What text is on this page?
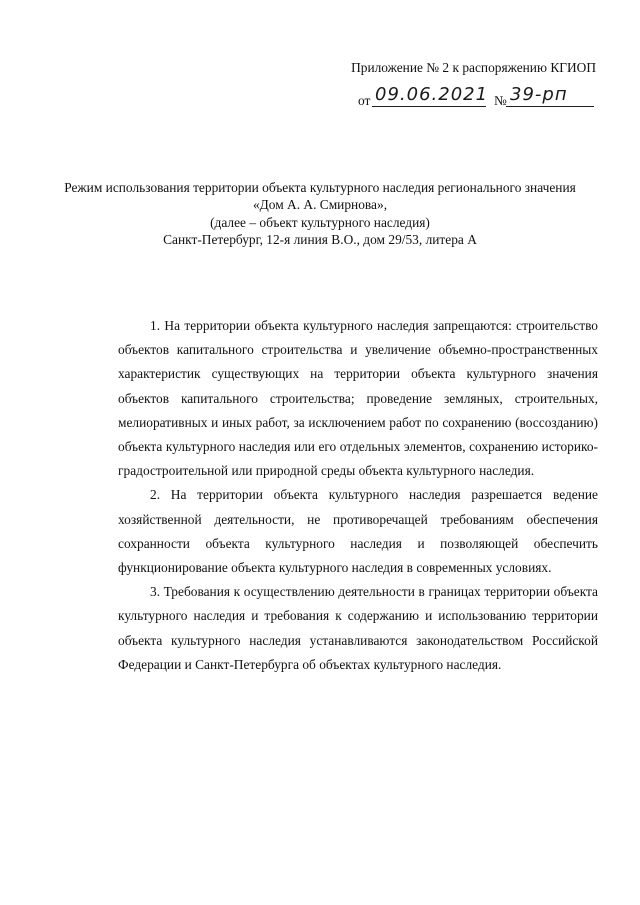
Приложение № 2 к распоряжению КГИОП
от 09.06.2021 № 39-рп
Режим использования территории объекта культурного наследия регионального значения
«Дом А. А. Смирнова»,
(далее – объект культурного наследия)
Санкт-Петербург, 12-я линия В.О., дом 29/53, литера А

1. На территории объекта культурного наследия запрещаются: строительство объектов капитального строительства и увеличение объемно-пространственных характеристик существующих на территории объекта культурного значения объектов капитального строительства; проведение земляных, строительных, мелиоративных и иных работ, за исключением работ по сохранению (воссозданию) объекта культурного наследия или его отдельных элементов, сохранению историко-градостроительной или природной среды объекта культурного наследия.

2. На территории объекта культурного наследия разрешается ведение хозяйственной деятельности, не противоречащей требованиям обеспечения сохранности объекта культурного наследия и позволяющей обеспечить функционирование объекта культурного наследия в современных условиях.

3. Требования к осуществлению деятельности в границах территории объекта культурного наследия и требования к содержанию и использованию территории объекта культурного наследия устанавливаются законодательством Российской Федерации и Санкт-Петербурга об объектах культурного наследия.
